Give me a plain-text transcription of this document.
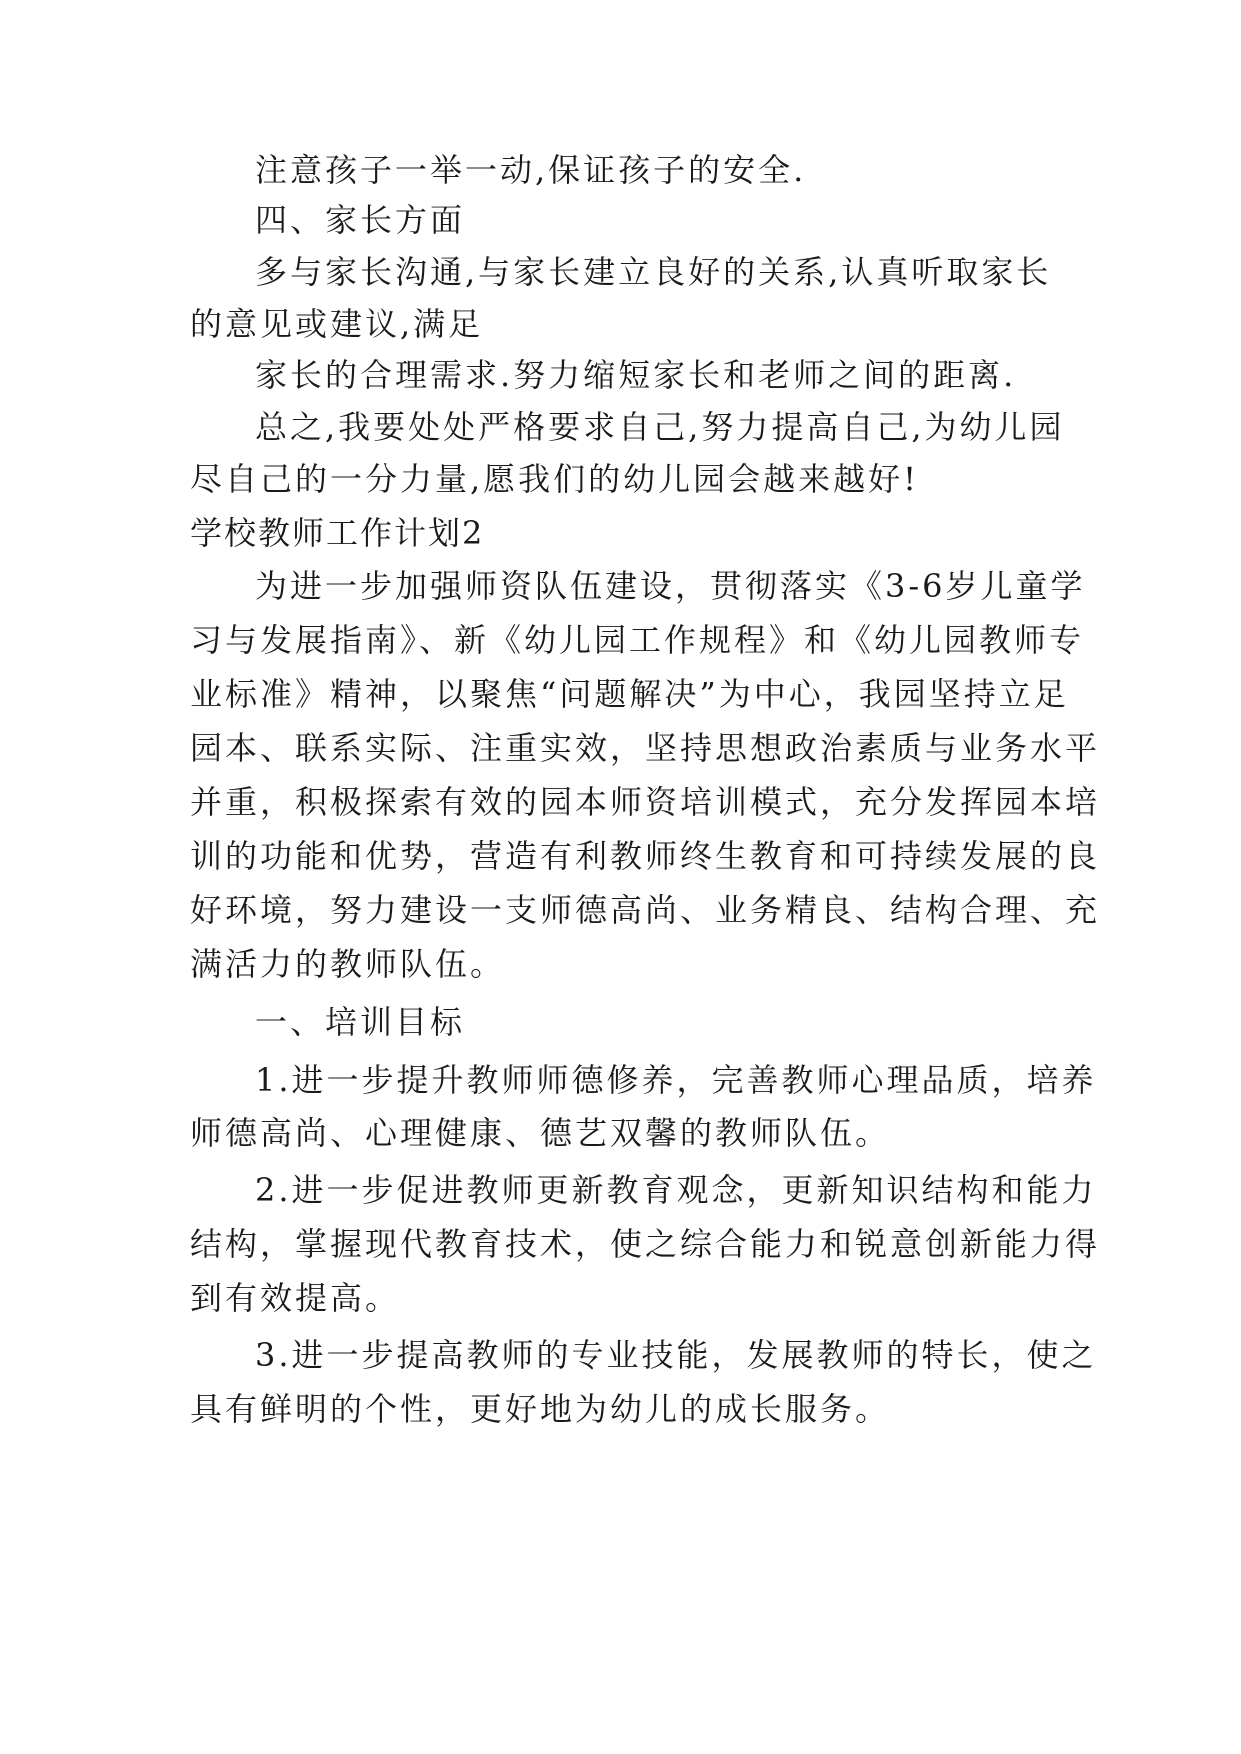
注意孩子一举一动,保证孩子的安全.
四、家长方面
多与家长沟通,与家长建立良好的关系,认真听取家长
的意见或建议,满足
家长的合理需求.努力缩短家长和老师之间的距离.
总之,我要处处严格要求自己,努力提高自己,为幼儿园
尽自己的一分力量,愿我们的幼儿园会越来越好!
学校教师工作计划2
为进一步加强师资队伍建设，贯彻落实《3-6岁儿童学
习与发展指南》、新《幼儿园工作规程》和《幼儿园教师专
业标准》精神，以聚焦“问题解决”为中心，我园坚持立足
园本、联系实际、注重实效，坚持思想政治素质与业务水平
并重，积极探索有效的园本师资培训模式，充分发挥园本培
训的功能和优势，营造有利教师终生教育和可持续发展的良
好环境，努力建设一支师德高尚、业务精良、结构合理、充
满活力的教师队伍。
一、培训目标
1.进一步提升教师师德修养，完善教师心理品质，培养
师德高尚、心理健康、德艺双馨的教师队伍。
2.进一步促进教师更新教育观念，更新知识结构和能力
结构，掌握现代教育技术，使之综合能力和锐意创新能力得
到有效提高。
3.进一步提高教师的专业技能，发展教师的特长，使之
具有鲜明的个性，更好地为幼儿的成长服务。
